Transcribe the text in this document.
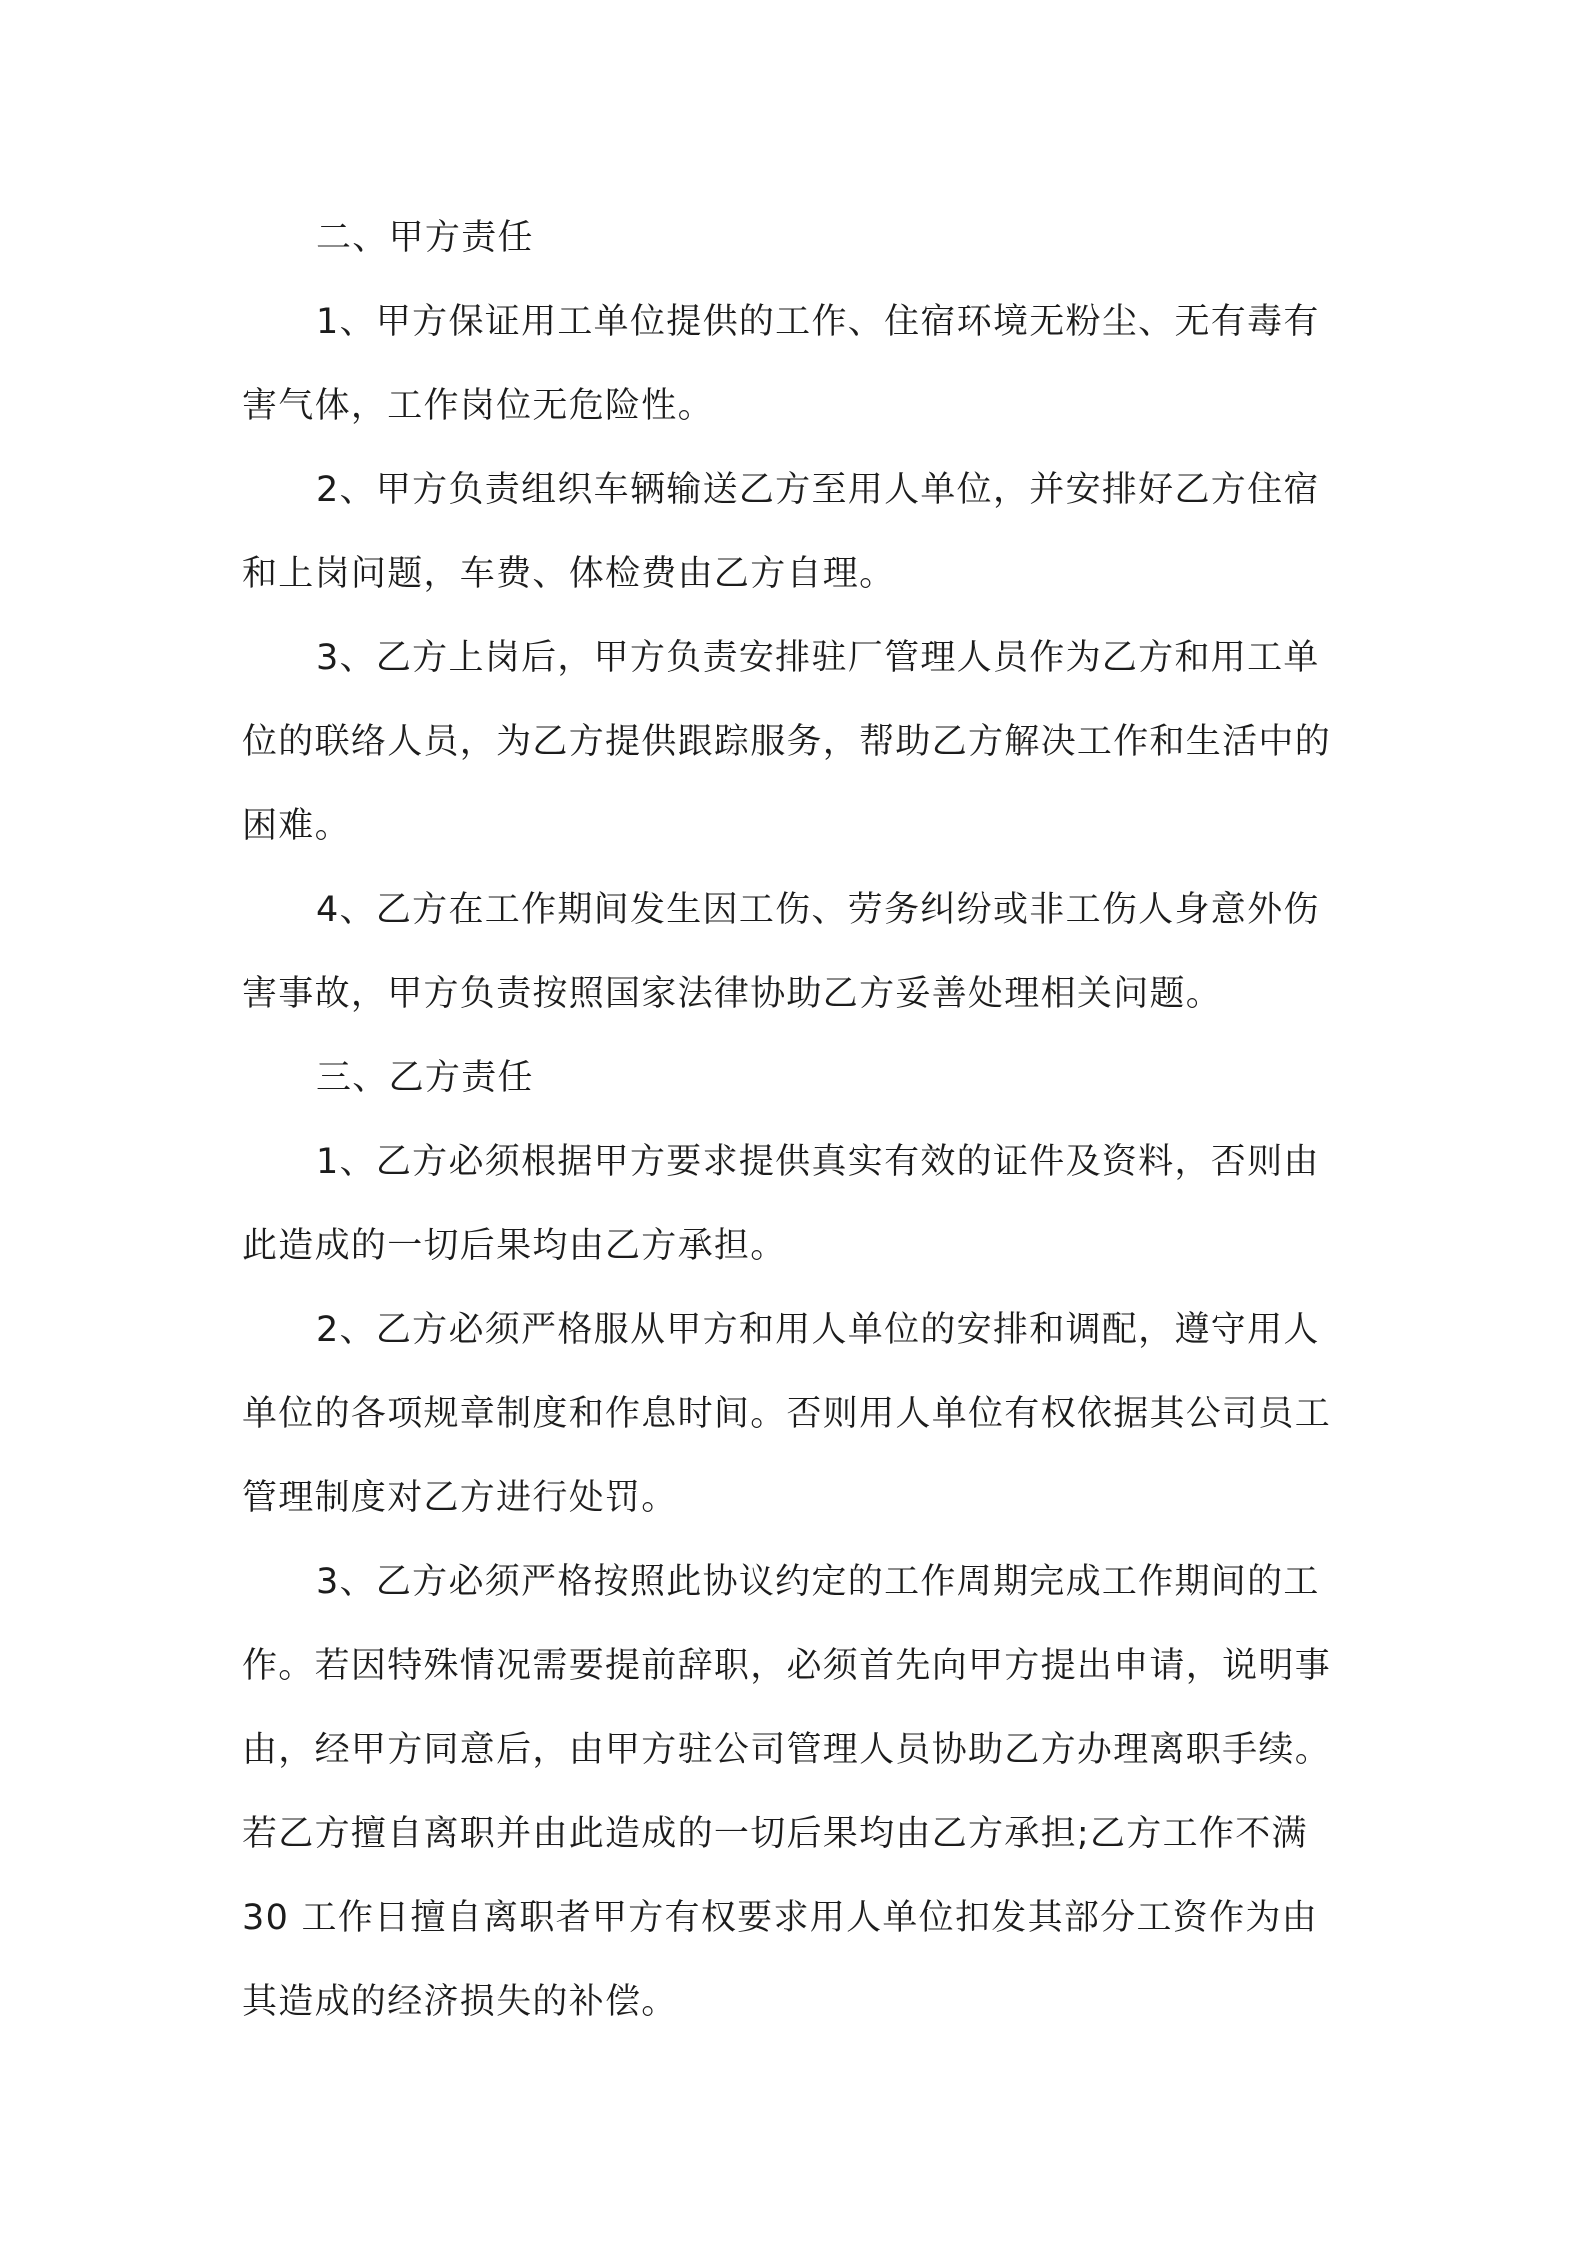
二、甲方责任

1、甲方保证用工单位提供的工作、住宿环境无粉尘、无有毒有
害气体，工作岗位无危险性。
2、甲方负责组织车辆输送乙方至用人单位，并安排好乙方住宿
和上岗问题，车费、体检费由乙方自理。
3、乙方上岗后，甲方负责安排驻厂管理人员作为乙方和用工单
位的联络人员，为乙方提供跟踪服务，帮助乙方解决工作和生活中的
困难。
4、乙方在工作期间发生因工伤、劳务纠纷或非工伤人身意外伤
害事故，甲方负责按照国家法律协助乙方妥善处理相关问题。

三、乙方责任

1、乙方必须根据甲方要求提供真实有效的证件及资料，否则由
此造成的一切后果均由乙方承担。
2、乙方必须严格服从甲方和用人单位的安排和调配，遵守用人
单位的各项规章制度和作息时间。否则用人单位有权依据其公司员工
管理制度对乙方进行处罚。
3、乙方必须严格按照此协议约定的工作周期完成工作期间的工
作。若因特殊情况需要提前辞职，必须首先向甲方提出申请，说明事
由，经甲方同意后，由甲方驻公司管理人员协助乙方办理离职手续。
若乙方擅自离职并由此造成的一切后果均由乙方承担;乙方工作不满
30 工作日擅自离职者甲方有权要求用人单位扣发其部分工资作为由
其造成的经济损失的补偿。
